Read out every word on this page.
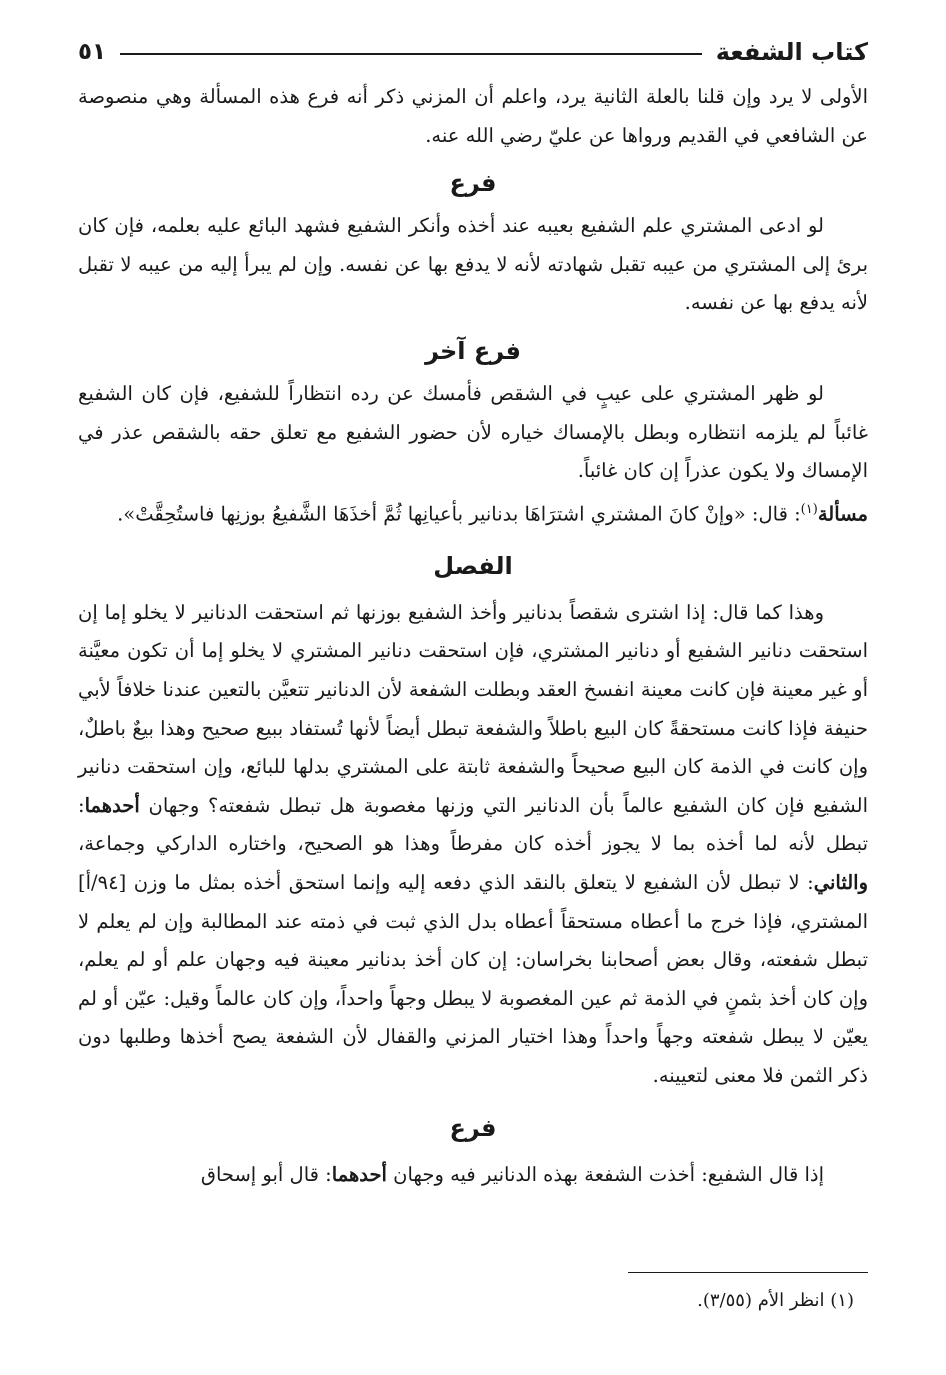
كتاب الشفعة
٥١

الأولى لا يرد وإن قلنا بالعلة الثانية يرد، واعلم أن المزني ذكر أنه فرع هذه المسألة وهي منصوصة عن الشافعي في القديم ورواها عن عليّ رضي الله عنه.

فرع

لو ادعى المشتري علم الشفيع بعيبه عند أخذه وأنكر الشفيع فشهد البائع عليه بعلمه، فإن كان برئ إلى المشتري من عيبه تقبل شهادته لأنه لا يدفع بها عن نفسه. وإن لم يبرأ إليه من عيبه لا تقبل لأنه يدفع بها عن نفسه.

فرع آخر

لو ظهر المشتري على عيبٍ في الشقص فأمسك عن رده انتظاراً للشفيع، فإن كان الشفيع غائباً لم يلزمه انتظاره وبطل بالإمساك خياره لأن حضور الشفيع مع تعلق حقه بالشقص عذر في الإمساك ولا يكون عذراً إن كان غائباً.

مسألة$^{(١)}$: قال: «وإنْ كانَ المشتري اشترَاهَا بدنانير بأعيانِها ثُمَّ أخذَهَا الشَّفيعُ بوزنِها فاستُحِقَّتْ».

الفصل

وهذا كما قال: إذا اشترى شقصاً بدنانير وأخذ الشفيع بوزنها ثم استحقت الدنانير لا يخلو إما إن استحقت دنانير الشفيع أو دنانير المشتري، فإن استحقت دنانير المشتري لا يخلو إما أن تكون معيَّنة أو غير معينة فإن كانت معينة انفسخ العقد وبطلت الشفعة لأن الدنانير تتعيَّن بالتعين عندنا خلافاً لأبي حنيفة فإذا كانت مستحقةً كان البيع باطلاً والشفعة تبطل أيضاً لأنها تُستفاد ببيع صحيح وهذا بيعٌ باطلٌ، وإن كانت في الذمة كان البيع صحيحاً والشفعة ثابتة على المشتري بدلها للبائع، وإن استحقت دنانير الشفيع فإن كان الشفيع عالماً بأن الدنانير التي وزنها مغصوبة هل تبطل شفعته؟ وجهان أحدهما: تبطل لأنه لما أخذه بما لا يجوز أخذه كان مفرطاً وهذا هو الصحيح، واختاره الداركي وجماعة، والثاني: لا تبطل لأن الشفيع لا يتعلق بالنقد الذي دفعه إليه وإنما استحق أخذه بمثل ما وزن [٩٤/أ] المشتري، فإذا خرج ما أعطاه مستحقاً أعطاه بدل الذي ثبت في ذمته عند المطالبة وإن لم يعلم لا تبطل شفعته، وقال بعض أصحابنا بخراسان: إن كان أخذ بدنانير معينة فيه وجهان علم أو لم يعلم، وإن كان أخذ بثمنٍ في الذمة ثم عين المغصوبة لا يبطل وجهاً واحداً، وإن كان عالماً وقيل: عيّن أو لم يعيّن لا يبطل شفعته وجهاً واحداً وهذا اختيار المزني والقفال لأن الشفعة يصح أخذها وطلبها دون ذكر الثمن فلا معنى لتعيينه.

فرع

إذا قال الشفيع: أخذت الشفعة بهذه الدنانير فيه وجهان أحدهما: قال أبو إسحاق

(١) انظر الأم (٣/٥٥).
